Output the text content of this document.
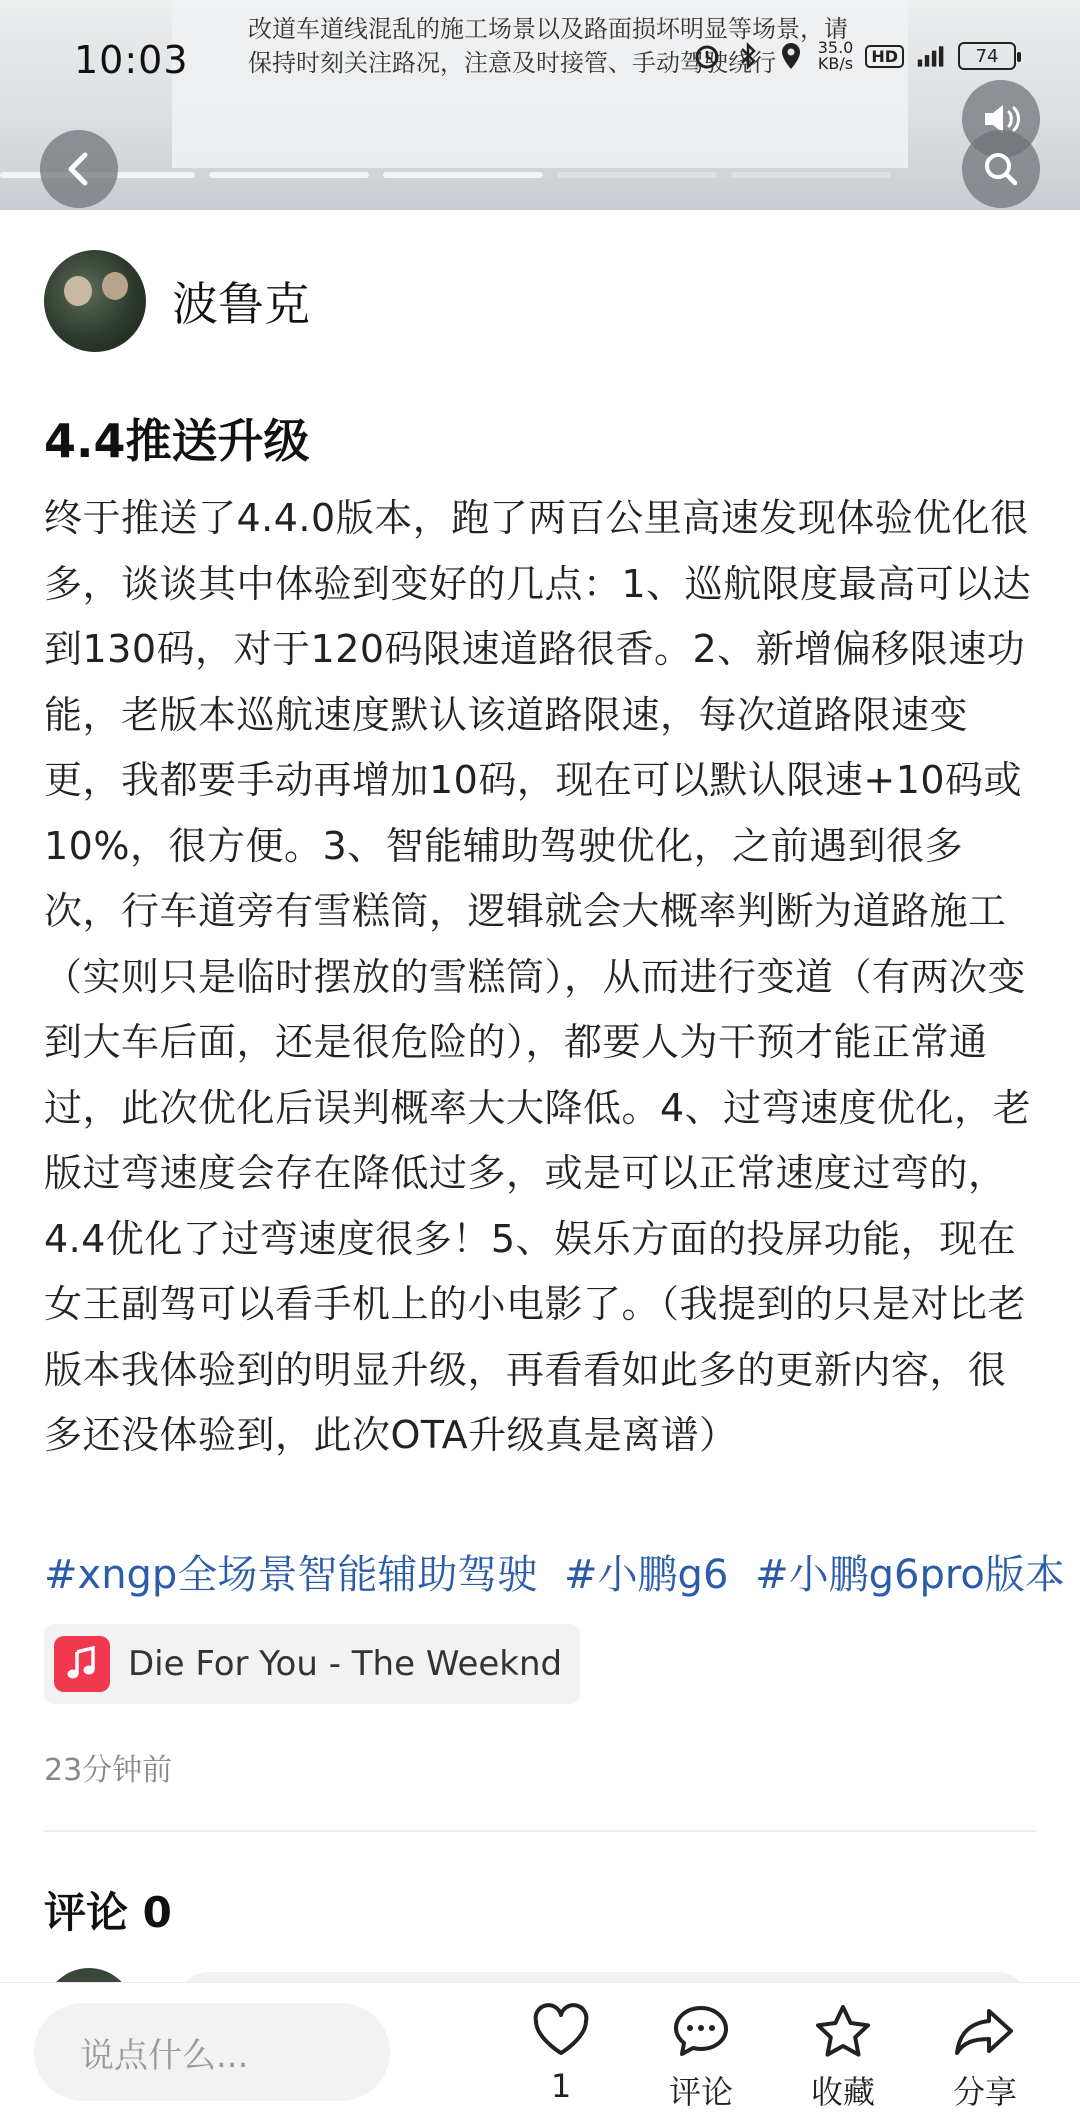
改道车道线混乱的施工场景以及路面损坏明显等场景，请保持时刻关注路况，注意及时接管、手动驾驶绕行
10:03	35.0
KB/s	HD	74
波鲁克
4.4推送升级
终于推送了4.4.0版本，跑了两百公里高速发现体验优化很多，谈谈其中体验到变好的几点：1、巡航限度最高可以达到130码，对于120码限速道路很香。2、新增偏移限速功能，老版本巡航速度默认该道路限速，每次道路限速变更，我都要手动再增加10码，现在可以默认限速+10码或10%，很方便。3、智能辅助驾驶优化，之前遇到很多次，行车道旁有雪糕筒，逻辑就会大概率判断为道路施工（实则只是临时摆放的雪糕筒），从而进行变道（有两次变到大车后面，还是很危险的），都要人为干预才能正常通过，此次优化后误判概率大大降低。4、过弯速度优化，老版过弯速度会存在降低过多，或是可以正常速度过弯的，4.4优化了过弯速度很多！5、娱乐方面的投屏功能，现在女王副驾可以看手机上的小电影了。（我提到的只是对比老版本我体验到的明显升级，再看看如此多的更新内容，很多还没体验到，此次OTA升级真是离谱）
#xngp全场景智能辅助驾驶 #小鹏g6 #小鹏g6pro版本
Die For You - The Weeknd
23分钟前
评论 0
说点什么...
1	评论 收藏 分享
